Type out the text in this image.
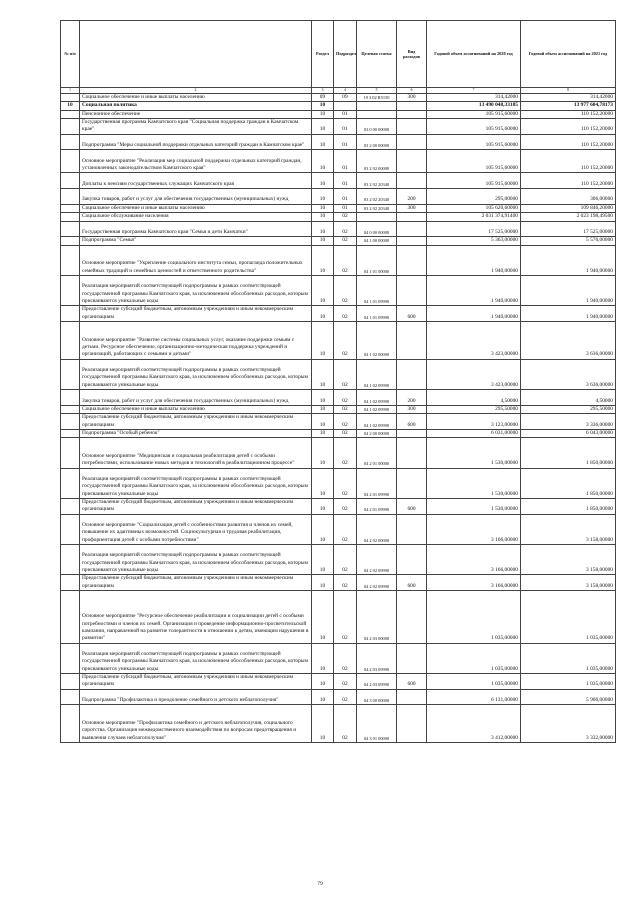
№ п/п		Раздел	Подраздел	Целевая статья	Вид расходов	Годовой объем ассигнований на 2020 год	Годовой объем ассигнований на 2021 год
1	2	3	4	5	6	7	8
	Социальное обеспечение и иные выплаты населению	09	09	19 3 02 R5150	300	314,42000	314,42000
10	Социальная политика	10				13 490 048,33185	13 977 604,78173
	Пенсионное обеспечение	10	01			105 915,60000	110 152,20000
	Государственная программа Камчатского края "Социальная поддержка граждан в Камчатском крае"	10	01	03 0 00 00000		105 915,60000	110 152,20000
	Подпрограмма "Меры социальной поддержки отдельных категорий граждан в Камчатском крае"	10	01	03 2 00 00000		105 915,60000	110 152,20000
	Основное мероприятие "Реализация мер социальной поддержки отдельных категорий граждан, установленных законодательством Камчатского края"	10	01	03 2 02 00000		105 915,60000	110 152,20000
	Доплаты к пенсиям государственных служащих Камчатского края	10	01	03 2 02 20340		105 915,60000	110 152,20000
	Закупка товаров, работ и услуг для обеспечения государственных (муниципальных) нужд	10	01	03 2 02 20340	200	295,00000	306,00000
	Социальное обеспечение и иные выплаты населению	10	01	03 2 02 20340	300	105 620,60000	109 846,20000
	Социальное обслуживание населения	10	02			2 031 374,91400	2 023 198,49500
	Государственная программа Камчатского края "Семья и дети Камчатки"	10	02	04 0 00 00000		17 525,00000	17 525,00000
	Подпрограмма "Семья"	10	02	04 1 00 00000		5 363,00000	5 576,00000
	Основное мероприятие "Укрепление социального института семьи, пропаганда положительных семейных традиций и семейных ценностей и ответственного родительства"	10	02	04 1 01 00000		1 940,00000	1 940,00000
	Реализация мероприятий соответствующей подпрограммы в рамках соответствующей государственной программы Камчатского края, за исключением обособленных расходов, которым присваиваются уникальные коды	10	02	04 1 01 09990		1 940,00000	1 940,00000
	Предоставление субсидий бюджетным, автономным учреждениям и иным некоммерческим организациям	10	02	04 1 01 09990	600	1 940,00000	1 940,00000
	Основное мероприятие "Развитие системы социальных услуг, оказание поддержки семьям с детьми. Ресурсное обеспечение, организационно-методическая поддержка учреждений и организаций, работающих с семьями и детьми"	10	02	04 1 02 00000		3 423,00000	3 636,00000
	Реализация мероприятий соответствующей подпрограммы в рамках соответствующей государственной программы Камчатского края, за исключением обособленных расходов, которым присваиваются уникальные коды	10	02	04 1 02 09990		3 423,00000	3 636,00000
	Закупка товаров, работ и услуг для обеспечения государственных (муниципальных) нужд	10	02	04 1 02 09990	200	4,50000	4,50000
	Социальное обеспечение и иные выплаты населению	10	02	04 1 02 09990	300	295,50000	295,50000
	Предоставление субсидий бюджетным, автономным учреждениям и иным некоммерческим организациям	10	02	04 1 02 09990	600	3 123,00000	3 336,00000
	Подпрограмма "Особый ребенок"	10	02	04 2 00 00000		6 031,00000	6 043,00000
	Основное мероприятие "Медицинская и социальная реабилитация детей с особыми потребностями, использование новых методов и технологий в реабилитационном процессе"	10	02	04 2 01 00000		1 530,00000	1 850,00000
	Реализация мероприятий соответствующей подпрограммы в рамках соответствующей государственной программы Камчатского края, за исключением обособленных расходов, которым присваиваются уникальные коды	10	02	04 2 01 09990		1 530,00000	1 850,00000
	Предоставление субсидий бюджетным, автономным учреждениям и иным некоммерческим организациям	10	02	04 2 01 09990	600	1 530,00000	1 850,00000
	Основное мероприятие "Социализация детей с особенностями развития и членов их семей, повышение их адаптивных возможностей. Социокультурная и трудовая реабилитация, профориентация детей с особыми потребностями"	10	02	04 2 02 00000		3 166,00000	3 158,00000
	Реализация мероприятий соответствующей подпрограммы в рамках соответствующей государственной программы Камчатского края, за исключением обособленных расходов, которым присваиваются уникальные коды	10	02	04 2 02 09990		3 166,00000	3 158,00000
	Предоставление субсидий бюджетным, автономным учреждениям и иным некоммерческим организациям	10	02	04 2 02 09990	600	3 166,00000	3 158,00000
	Основное мероприятие "Ресурсное обеспечение реабилитации и социализации детей с особыми потребностями и членов их семей. Организация и проведение информационно-просветительской кампании, направленной на развитие толерантности в отношении к детям, имеющим нарушения в развитии"	10	02	04 2 03 00000		1 035,00000	1 035,00000
	Реализация мероприятий соответствующей подпрограммы в рамках соответствующей государственной программы Камчатского края, за исключением обособленных расходов, которым присваиваются уникальные коды	10	02	04 2 03 09990		1 035,00000	1 035,00000
	Предоставление субсидий бюджетным, автономным учреждениям и иным некоммерческим организациям	10	02	04 2 03 09990	600	1 035,00000	1 035,00000
	Подпрограмма "Профилактика и преодоление семейного и детского неблагополучия"	10	02	04 3 00 00000		6 131,00000	5 906,00000
	Основное мероприятие "Профилактика семейного и детского неблагополучия, социального сиротства. Организация межведомственного взаимодействия по вопросам предотвращения и выявления случаев неблагополучия"	10	02	04 3 01 00000		3 412,00000	3 332,00000
79
